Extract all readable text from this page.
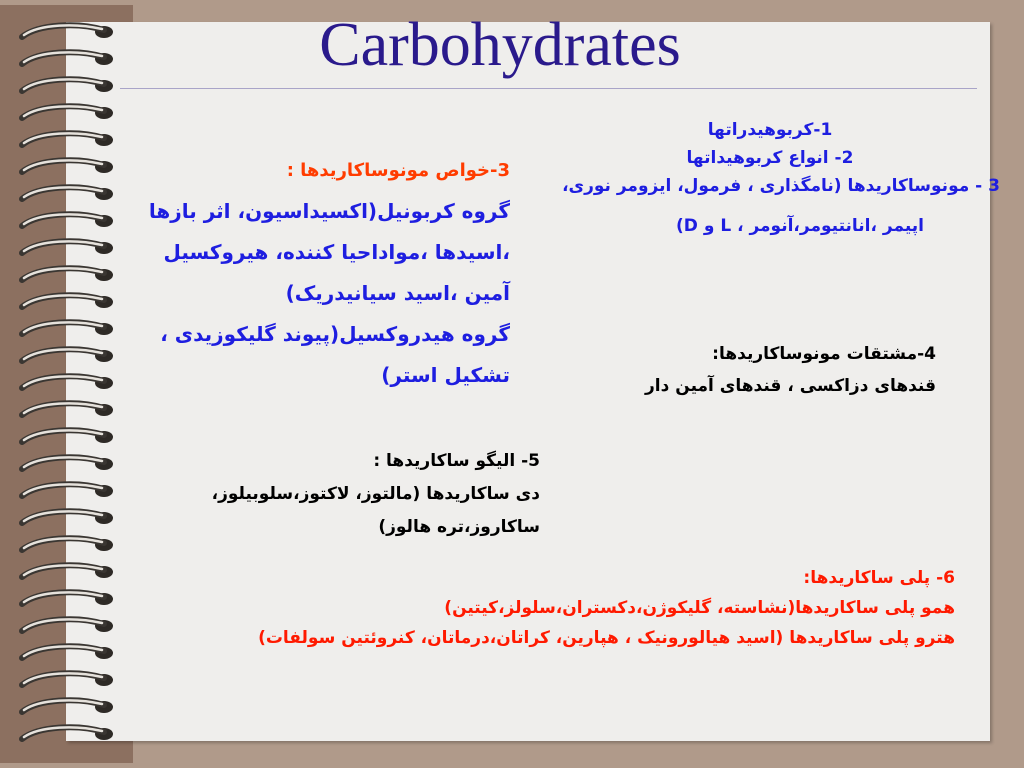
Carbohydrates

1-کربوهیدراتها

2- انواع کربوهیداتها

3 - مونوساکاریدها (نامگذاری ، فرمول، ایزومر نوری،

اپیمر ،انانتیومر،آنومر ، L و D)

3-خواص مونوساکاریدها :

گروه کربونیل(اکسیداسیون، اثر بازها

،اسیدها ،مواداحیا کننده، هیروکسیل

آمین ،اسید سیانیدریک)

گروه هیدروکسیل(پیوند گلیکوزیدی ،

تشکیل استر)

4-مشتقات مونوساکاریدها:

قندهای دزاکسی ، قندهای آمین دار

5- الیگو ساکاریدها :

دی ساکاریدها (مالتوز، لاکتوز،سلوبیلوز،

ساکاروز،تره هالوز)

6- پلی ساکاریدها:

همو پلی ساکاریدها(نشاسته، گلیکوژن،دکستران،سلولز،کیتین)

هترو پلی ساکاریدها (اسید هیالورونیک ، هپارین، کراتان،درماتان، کنروئتین سولفات)
